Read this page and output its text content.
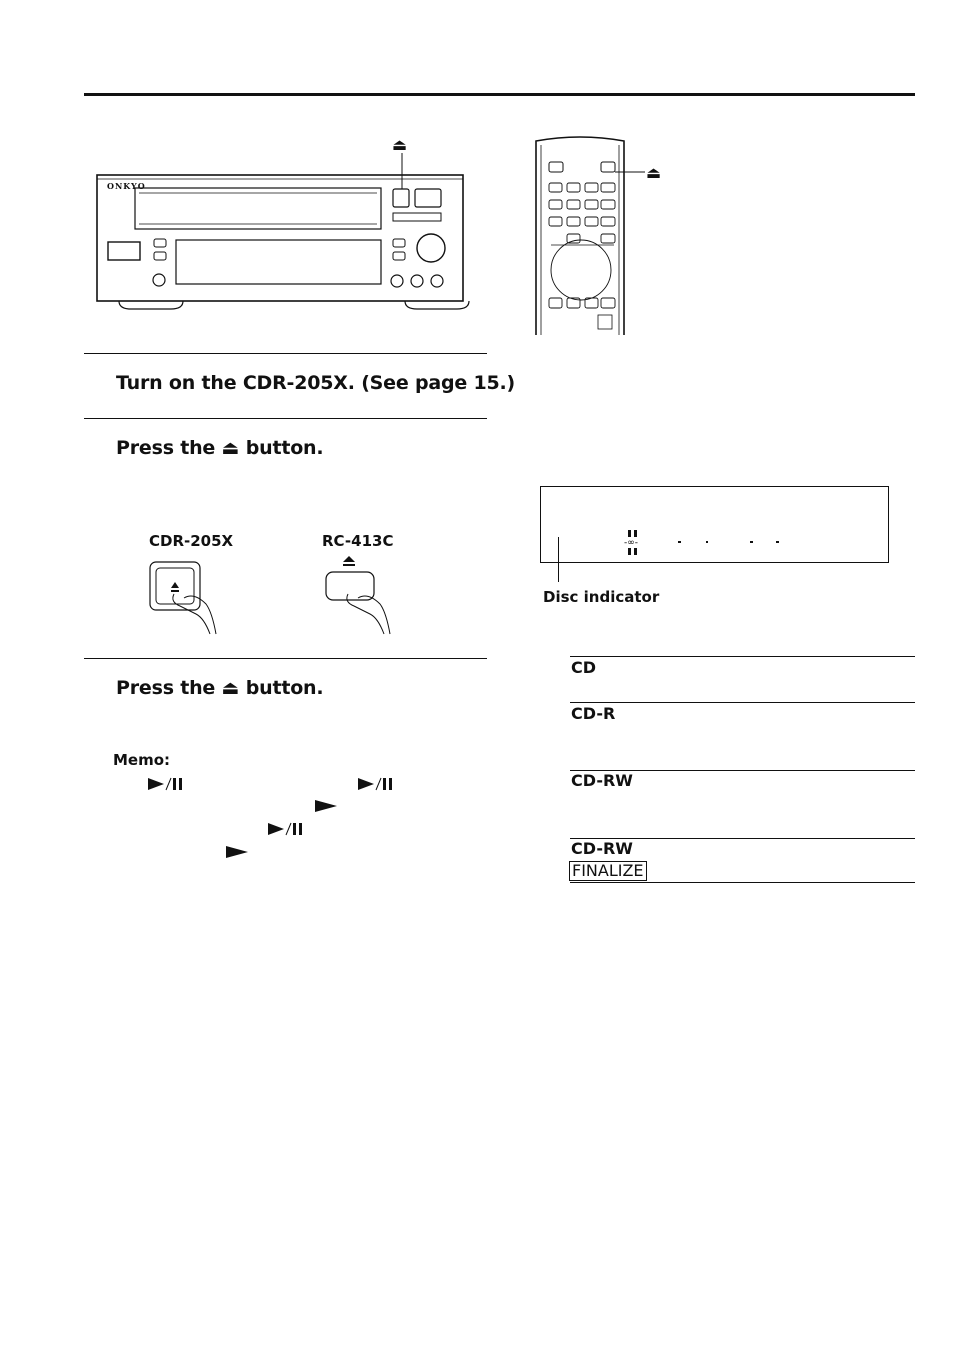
⏏
ONKYO
⏏
Turn on the CDR-205X. (See page 15.)
Press the ⏏ button.
CDR-205X	RC-413C
Press the ⏏ button.
Memo:
-∞-
Disc indicator
CD
CD-R
CD-RW
CD-RW
FINALIZE
